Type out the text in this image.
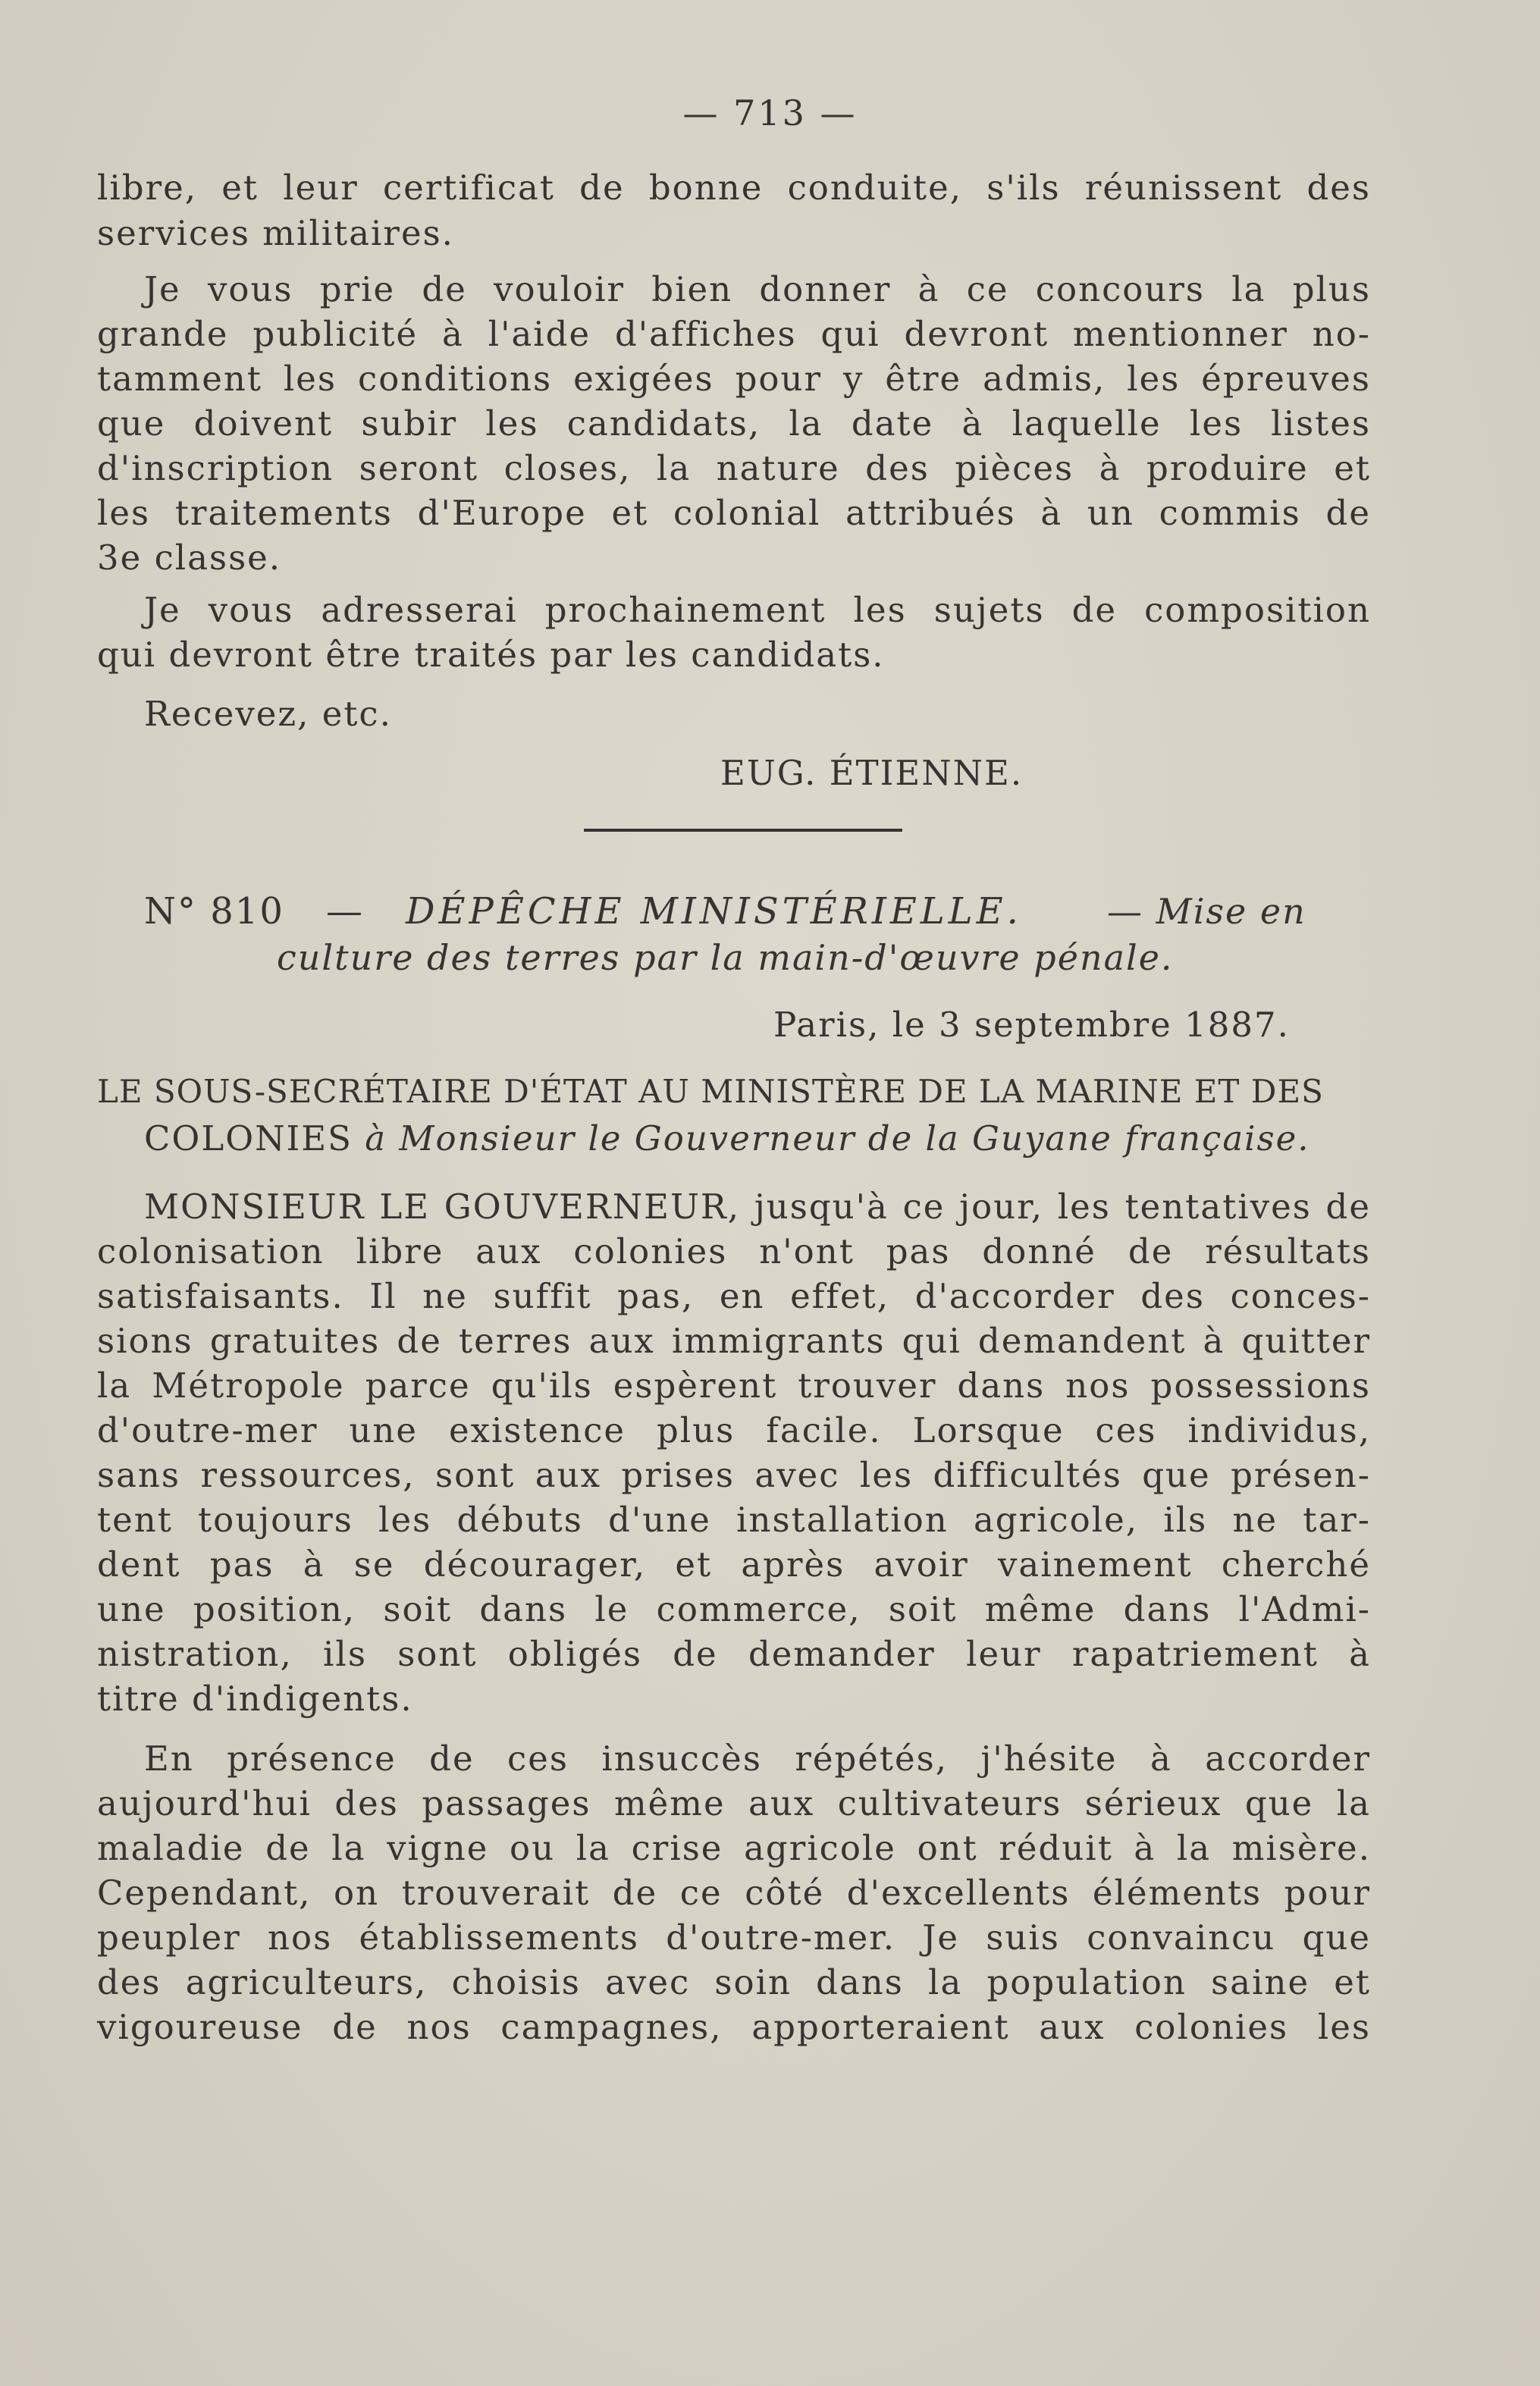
— 713 —
libre, et leur certificat de bonne conduite, s'ils réunissent des
services militaires.
Je vous prie de vouloir bien donner à ce concours la plus
grande publicité à l'aide d'affiches qui devront mentionner no-
tamment les conditions exigées pour y être admis, les épreuves
que doivent subir les candidats, la date à laquelle les listes
d'inscription seront closes, la nature des pièces à produire et
les traitements d'Europe et colonial attribués à un commis de
3e classe.
Je vous adresserai prochainement les sujets de composition
qui devront être traités par les candidats.
Recevez, etc.
EUG. ÉTIENNE.
N° 810 — DÉPÊCHE MINISTÉRIELLE. — Mise en
culture des terres par la main-d'œuvre pénale.
Paris, le 3 septembre 1887.
LE SOUS-SECRÉTAIRE D'ÉTAT AU MINISTÈRE DE LA MARINE ET DES
COLONIES à Monsieur le Gouverneur de la Guyane française.
MONSIEUR LE GOUVERNEUR, jusqu'à ce jour, les tentatives de
colonisation libre aux colonies n'ont pas donné de résultats
satisfaisants. Il ne suffit pas, en effet, d'accorder des conces-
sions gratuites de terres aux immigrants qui demandent à quitter
la Métropole parce qu'ils espèrent trouver dans nos possessions
d'outre-mer une existence plus facile. Lorsque ces individus,
sans ressources, sont aux prises avec les difficultés que présen-
tent toujours les débuts d'une installation agricole, ils ne tar-
dent pas à se décourager, et après avoir vainement cherché
une position, soit dans le commerce, soit même dans l'Admi-
nistration, ils sont obligés de demander leur rapatriement à
titre d'indigents.
En présence de ces insuccès répétés, j'hésite à accorder
aujourd'hui des passages même aux cultivateurs sérieux que la
maladie de la vigne ou la crise agricole ont réduit à la misère.
Cependant, on trouverait de ce côté d'excellents éléments pour
peupler nos établissements d'outre-mer. Je suis convaincu que
des agriculteurs, choisis avec soin dans la population saine et
vigoureuse de nos campagnes, apporteraient aux colonies les
